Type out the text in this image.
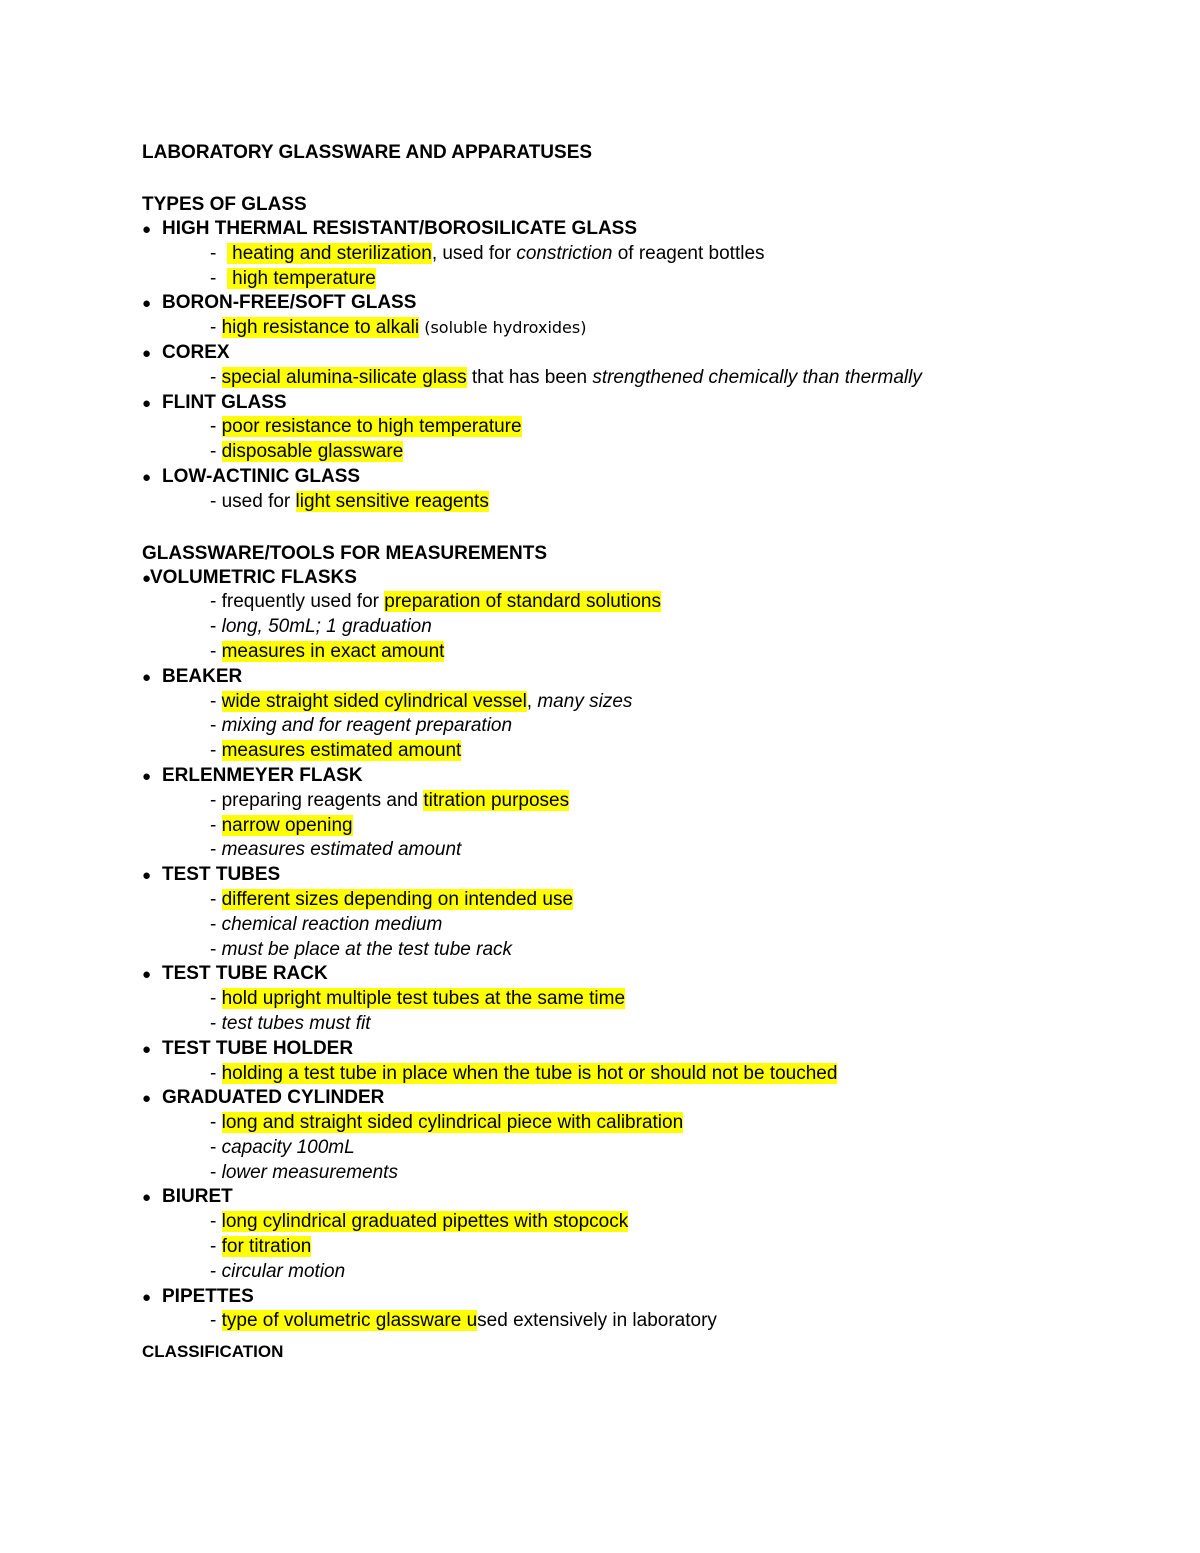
LABORATORY GLASSWARE AND APPARATUSES
TYPES OF GLASS
● HIGH THERMAL RESISTANT/BOROSILICATE GLASS
-   heating and sterilization, used for constriction of reagent bottles
-   high temperature
● BORON-FREE/SOFT GLASS
- high resistance to alkali (soluble hydroxides)
● COREX
- special alumina-silicate glass that has been strengthened chemically than thermally
● FLINT GLASS
- poor resistance to high temperature
- disposable glassware
● LOW-ACTINIC GLASS
- used for light sensitive reagents
GLASSWARE/TOOLS FOR MEASUREMENTS
●VOLUMETRIC FLASKS
- frequently used for preparation of standard solutions
- long, 50mL; 1 graduation
- measures in exact amount
● BEAKER
- wide straight sided cylindrical vessel, many sizes
- mixing and for reagent preparation
- measures estimated amount
● ERLENMEYER FLASK
- preparing reagents and titration purposes
- narrow opening
- measures estimated amount
● TEST TUBES
- different sizes depending on intended use
- chemical reaction medium
- must be place at the test tube rack
● TEST TUBE RACK
- hold upright multiple test tubes at the same time
- test tubes must fit
● TEST TUBE HOLDER
- holding a test tube in place when the tube is hot or should not be touched
● GRADUATED CYLINDER
- long and straight sided cylindrical piece with calibration
- capacity 100mL
- lower measurements
● BIURET
- long cylindrical graduated pipettes with stopcock
- for titration
- circular motion
● PIPETTES
- type of volumetric glassware used extensively in laboratory
CLASSIFICATION
